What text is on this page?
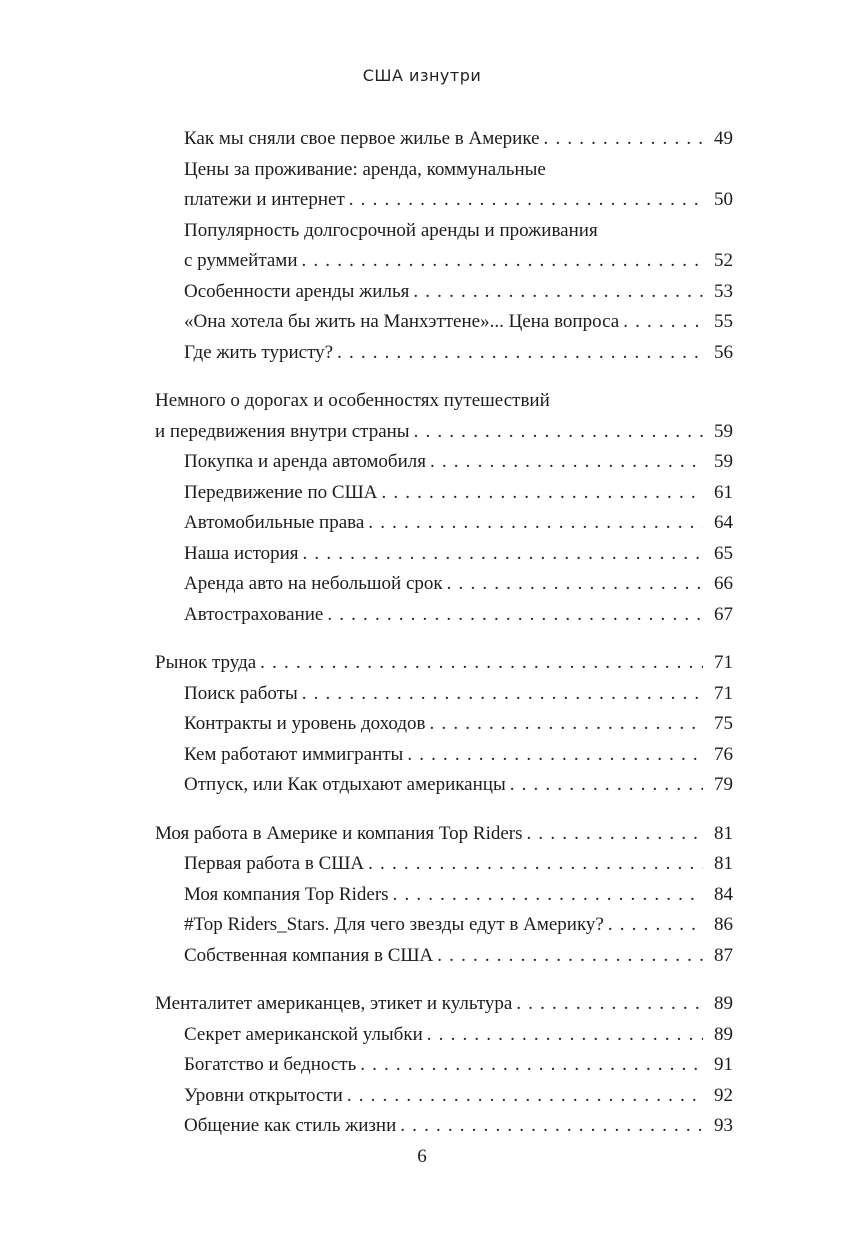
США изнутри
Как мы сняли свое первое жилье в Америке . . .	49
Цены за проживание: аренда, коммунальные
платежи и интернет . . .	50
Популярность долгосрочной аренды и проживания
с руммейтами . . .	52
Особенности аренды жилья . . .	53
«Она хотела бы жить на Манхэттене»... Цена вопроса . . .	55
Где жить туристу? . . .	56
Немного о дорогах и особенностях путешествий
и передвижения внутри страны . . .	59
Покупка и аренда автомобиля . . .	59
Передвижение по США . . .	61
Автомобильные права . . .	64
Наша история . . .	65
Аренда авто на небольшой срок . . .	66
Автострахование . . .	67
Рынок труда . . .	71
Поиск работы . . .	71
Контракты и уровень доходов . . .	75
Кем работают иммигранты . . .	76
Отпуск, или Как отдыхают американцы . . .	79
Моя работа в Америке и компания Top Riders . . .	81
Первая работа в США . . .	81
Моя компания Top Riders . . .	84
#Top Riders_Stars. Для чего звезды едут в Америку? . . .	86
Собственная компания в США . . .	87
Менталитет американцев, этикет и культура . . .	89
Секрет американской улыбки . . .	89
Богатство и бедность . . .	91
Уровни открытости . . .	92
Общение как стиль жизни . . .	93
6
